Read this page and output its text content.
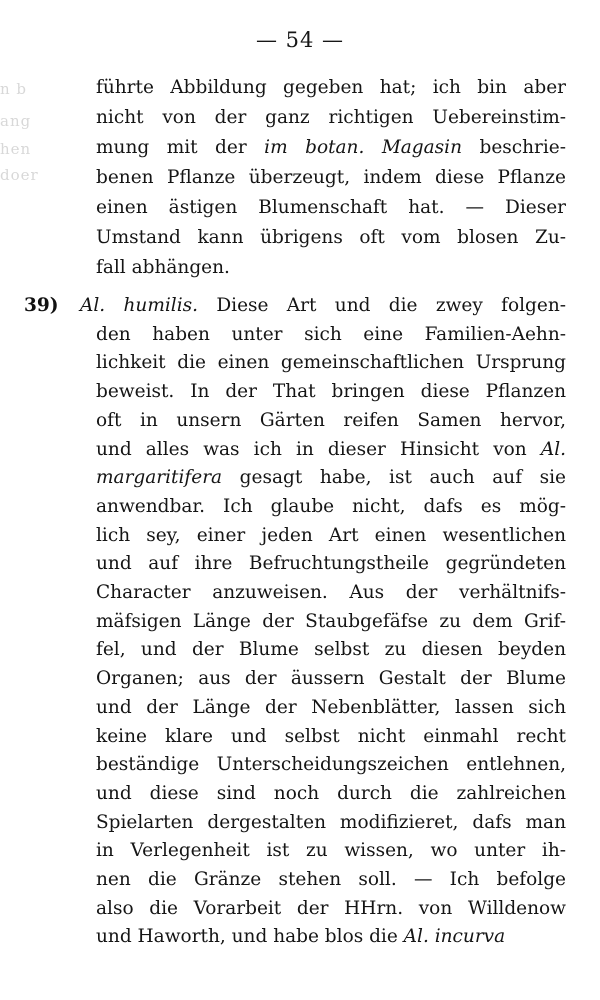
n b
ang
hen
doer
— 54 —
führte Abbildung gegeben hat; ich bin aber
nicht von der ganz richtigen Uebereinstim-
mung mit der im botan. Magasin beschrie-
benen Pflanze überzeugt, indem diese Pflanze
einen ästigen Blumenschaft hat. — Dieser
Umstand kann übrigens oft vom blosen Zu-
fall abhängen.
39) Al. humilis. Diese Art und die zwey folgen-
den haben unter sich eine Familien-Aehn-
lichkeit die einen gemeinschaftlichen Ursprung
beweist. In der That bringen diese Pflanzen
oft in unsern Gärten reifen Samen hervor,
und alles was ich in dieser Hinsicht von Al.
margaritifera gesagt habe, ist auch auf sie
anwendbar. Ich glaube nicht, dafs es mög-
lich sey, einer jeden Art einen wesentlichen
und auf ihre Befruchtungstheile gegründeten
Character anzuweisen. Aus der verhältnifs-
mäfsigen Länge der Staubgefäfse zu dem Grif-
fel, und der Blume selbst zu diesen beyden
Organen; aus der äussern Gestalt der Blume
und der Länge der Nebenblätter, lassen sich
keine klare und selbst nicht einmahl recht
beständige Unterscheidungszeichen entlehnen,
und diese sind noch durch die zahlreichen
Spielarten dergestalten modifizieret, dafs man
in Verlegenheit ist zu wissen, wo unter ih-
nen die Gränze stehen soll. — Ich befolge
also die Vorarbeit der HHrn. von Willdenow
und Haworth, und habe blos die Al. incurva
